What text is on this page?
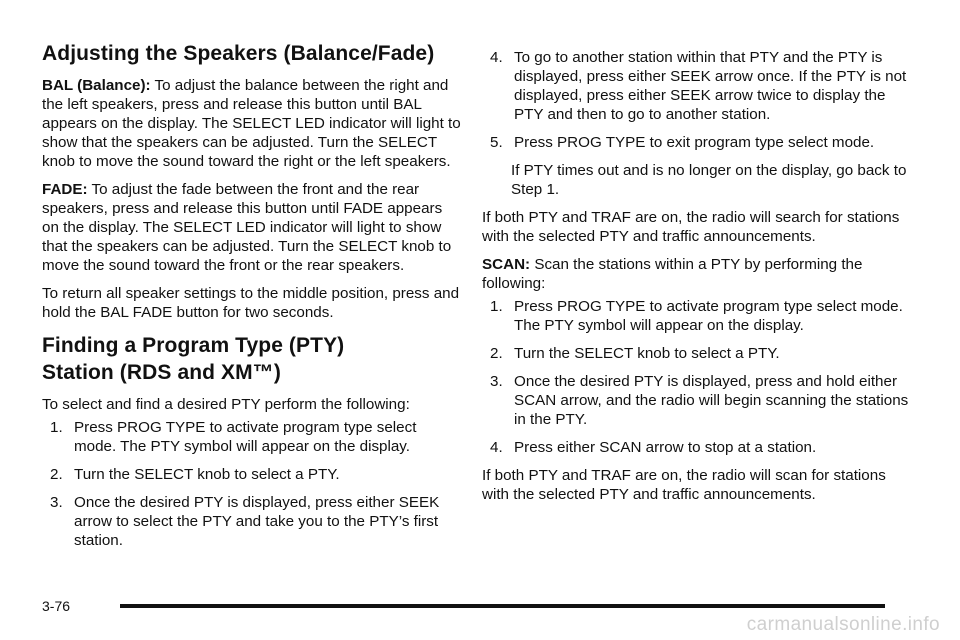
Adjusting the Speakers (Balance/Fade)

BAL (Balance): To adjust the balance between the right and the left speakers, press and release this button until BAL appears on the display. The SELECT LED indicator will light to show that the speakers can be adjusted. Turn the SELECT knob to move the sound toward the right or the left speakers.

FADE: To adjust the fade between the front and the rear speakers, press and release this button until FADE appears on the display. The SELECT LED indicator will light to show that the speakers can be adjusted. Turn the SELECT knob to move the sound toward the front or the rear speakers.

To return all speaker settings to the middle position, press and hold the BAL FADE button for two seconds.

Finding a Program Type (PTY)
Station (RDS and XM™)

To select and find a desired PTY perform the following:

1. Press PROG TYPE to activate program type select mode. The PTY symbol will appear on the display.
2. Turn the SELECT knob to select a PTY.
3. Once the desired PTY is displayed, press either SEEK arrow to select the PTY and take you to the PTY’s first station.
4. To go to another station within that PTY and the PTY is displayed, press either SEEK arrow once. If the PTY is not displayed, press either SEEK arrow twice to display the PTY and then to go to another station.
5. Press PROG TYPE to exit program type select mode.

If PTY times out and is no longer on the display, go back to Step 1.

If both PTY and TRAF are on, the radio will search for stations with the selected PTY and traffic announcements.

SCAN: Scan the stations within a PTY by performing the following:

1. Press PROG TYPE to activate program type select mode. The PTY symbol will appear on the display.
2. Turn the SELECT knob to select a PTY.
3. Once the desired PTY is displayed, press and hold either SCAN arrow, and the radio will begin scanning the stations in the PTY.
4. Press either SCAN arrow to stop at a station.

If both PTY and TRAF are on, the radio will scan for stations with the selected PTY and traffic announcements.

3-76
carmanualsonline.info
